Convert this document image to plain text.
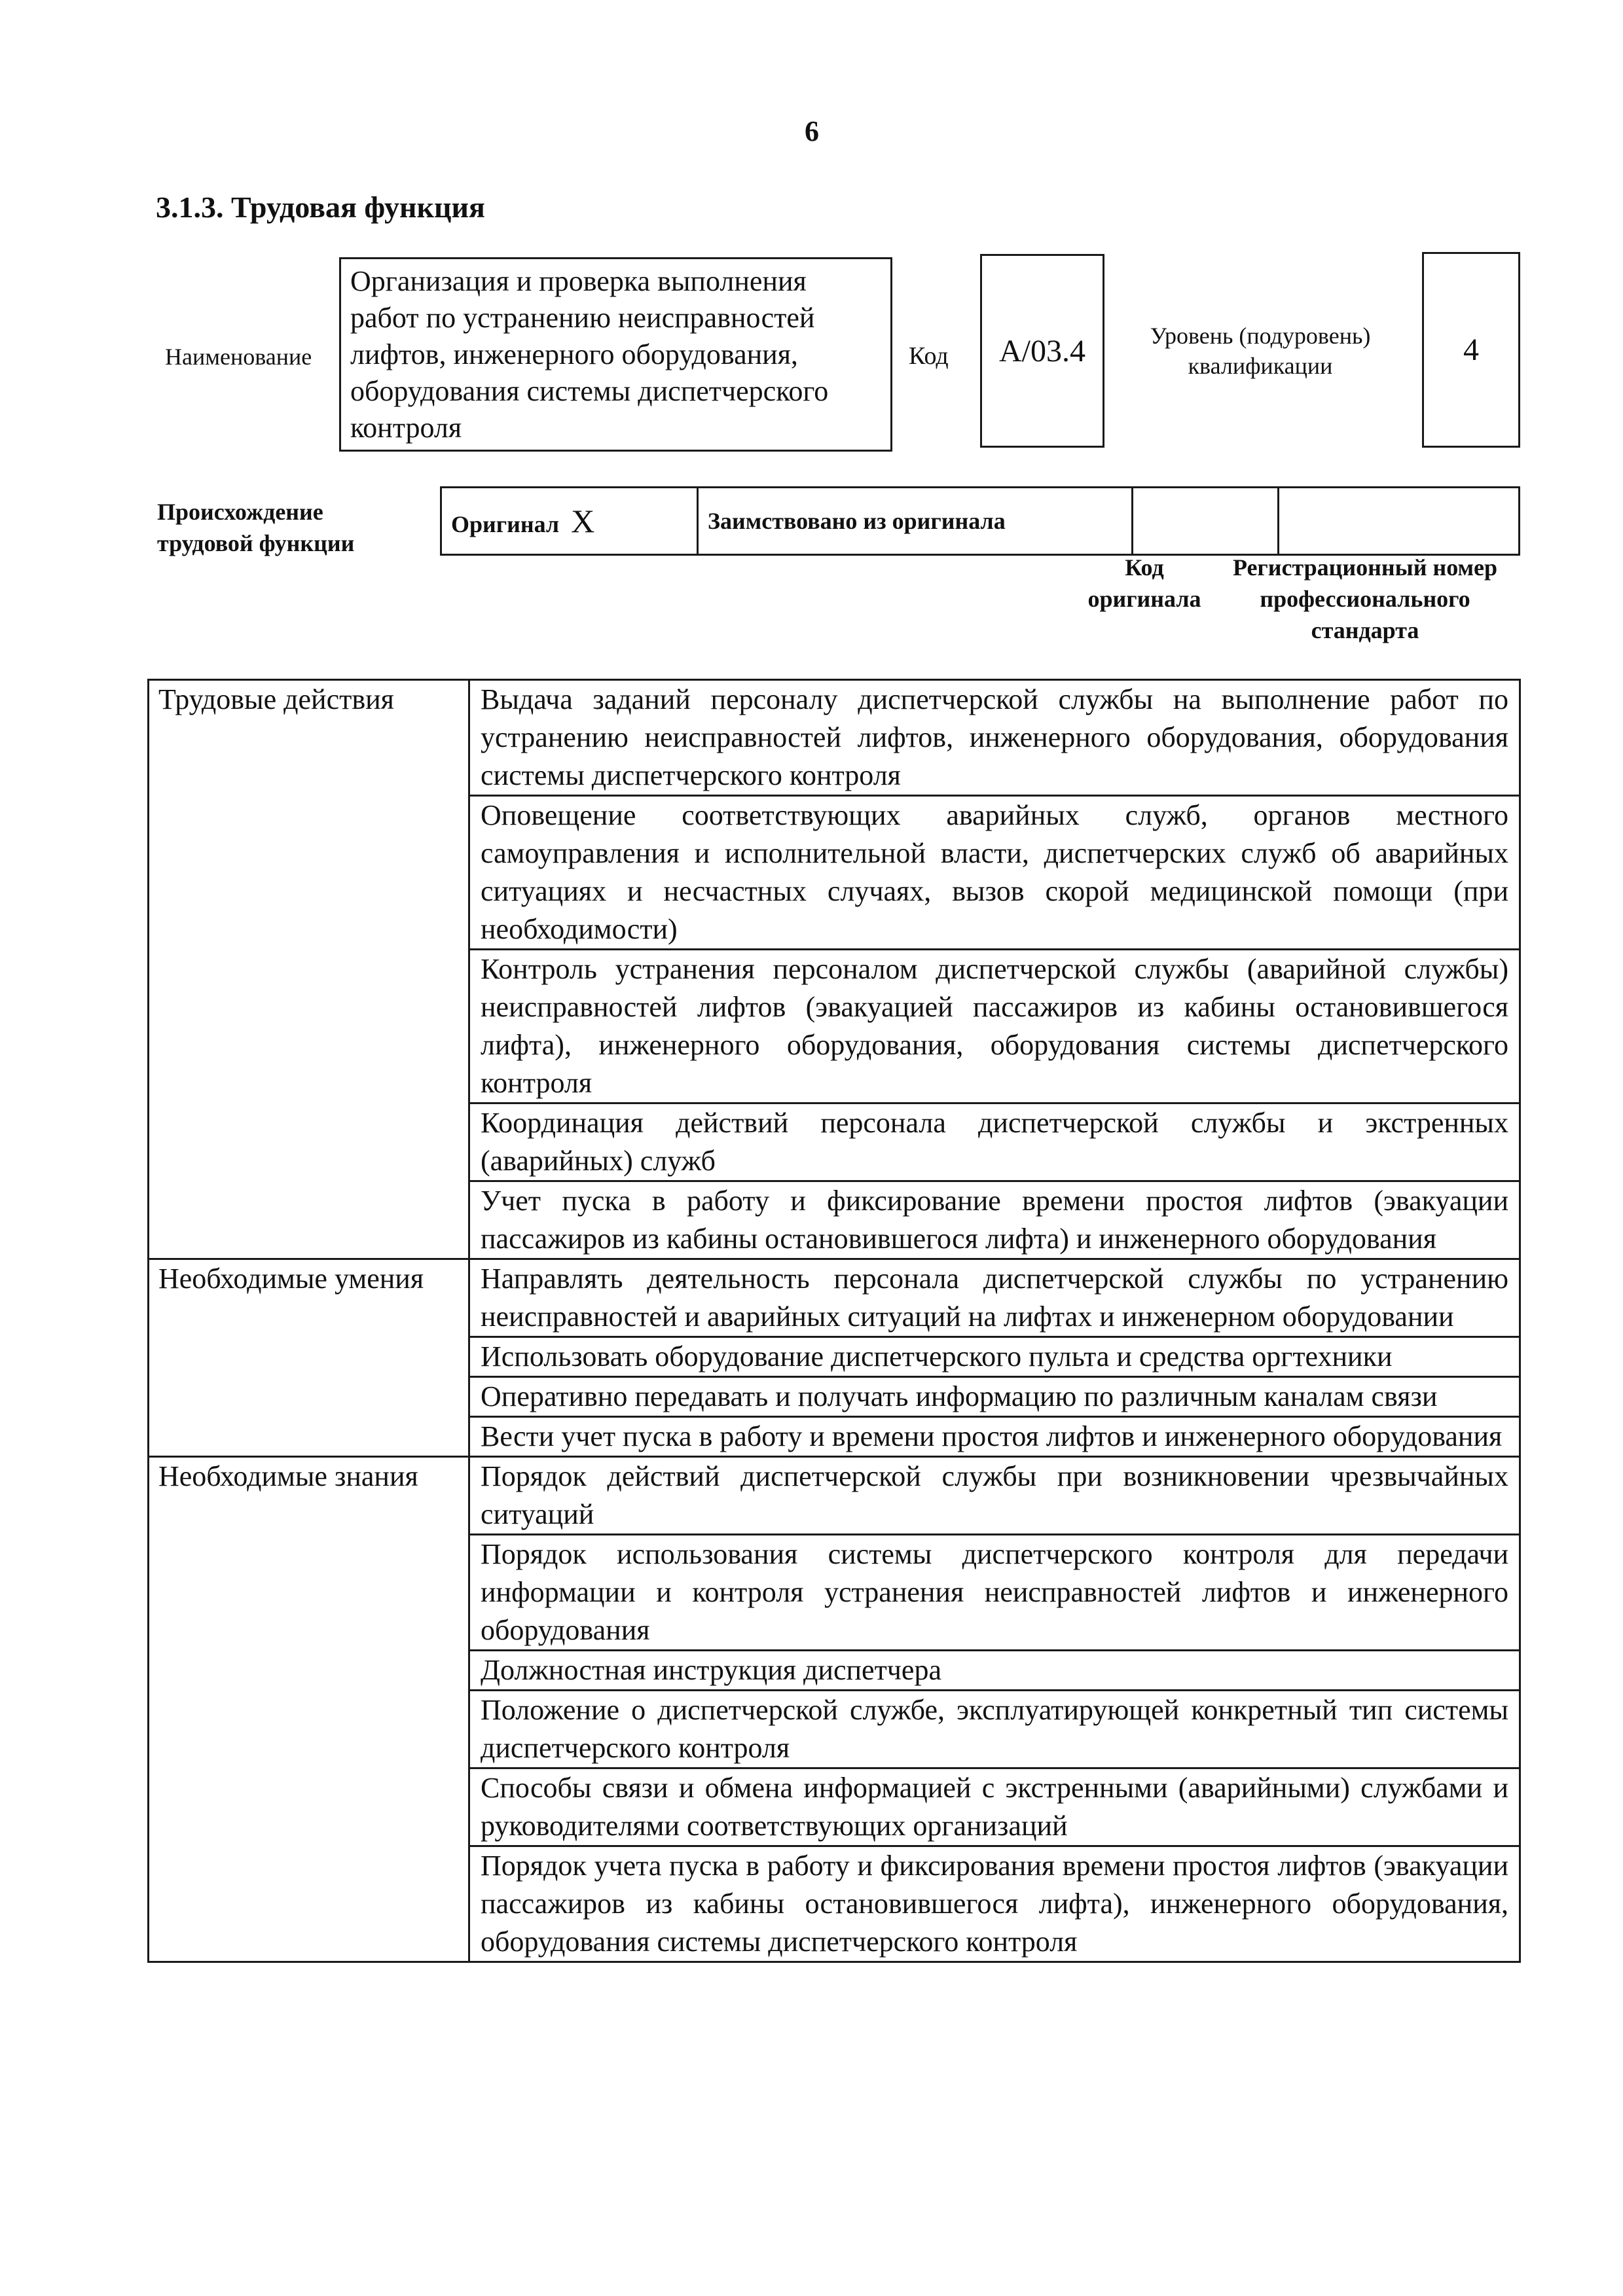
6
3.1.3. Трудовая функция
Наименование
Организация и проверка выполнения работ по устранению неисправностей лифтов, инженерного оборудования, оборудования системы диспетчерского контроля
Код A/03.4	Уровень (подуровень) квалификации	4
Происхождение трудовой функции
Оригинал X	Заимствовано из оригинала		
Код оригинала
Регистрационный номер профессионального стандарта
Трудовые действия	Выдача заданий персоналу диспетчерской службы на выполнение работ по устранению неисправностей лифтов, инженерного оборудования, оборудования системы диспетчерского контроля
	Оповещение соответствующих аварийных служб, органов местного самоуправления и исполнительной власти, диспетчерских служб об аварийных ситуациях и несчастных случаях, вызов скорой медицинской помощи (при необходимости)
	Контроль устранения персоналом диспетчерской службы (аварийной службы) неисправностей лифтов (эвакуацией пассажиров из кабины остановившегося лифта), инженерного оборудования, оборудования системы диспетчерского контроля
	Координация действий персонала диспетчерской службы и экстренных (аварийных) служб
	Учет пуска в работу и фиксирование времени простоя лифтов (эвакуации пассажиров из кабины остановившегося лифта) и инженерного оборудования
Необходимые умения	Направлять деятельность персонала диспетчерской службы по устранению неисправностей и аварийных ситуаций на лифтах и инженерном оборудовании
	Использовать оборудование диспетчерского пульта и средства оргтехники
	Оперативно передавать и получать информацию по различным каналам связи
	Вести учет пуска в работу и времени простоя лифтов и инженерного оборудования
Необходимые знания	Порядок действий диспетчерской службы при возникновении чрезвычайных ситуаций
	Порядок использования системы диспетчерского контроля для передачи информации и контроля устранения неисправностей лифтов и инженерного оборудования
	Должностная инструкция диспетчера
	Положение о диспетчерской службе, эксплуатирующей конкретный тип системы диспетчерского контроля
	Способы связи и обмена информацией с экстренными (аварийными) службами и руководителями соответствующих организаций
	Порядок учета пуска в работу и фиксирования времени простоя лифтов (эвакуации пассажиров из кабины остановившегося лифта), инженерного оборудования, оборудования системы диспетчерского контроля
